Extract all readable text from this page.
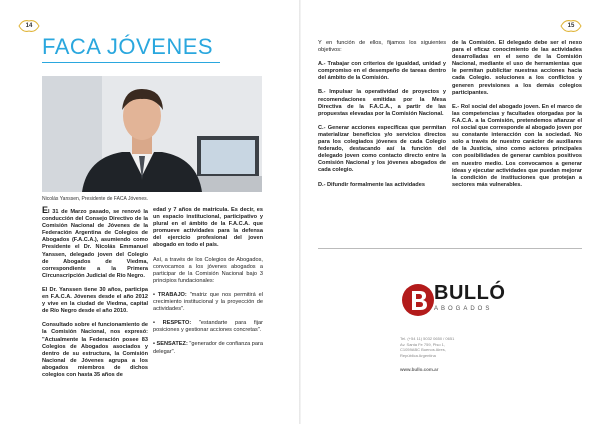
14	15
FACA JÓVENES
Nicolás Yanssen, Presidente de FACA Jóvenes.

El 31 de Marzo pasado, se renovó la conducción del Consejo Directivo de la Comisión Nacional de Jóvenes de la Federación Argentina de Colegios de Abogados (F.A.C.A.), asumiendo como Presidente el Dr. Nicolás Emmanuel Yanssen, delegado joven del Colegio de Abogados de Viedma, correspondiente a la Primera Circunscripción Judicial de Río Negro.

El Dr. Yanssen tiene 30 años, participa en F.A.C.A. Jóvenes desde el año 2012 y vive en la ciudad de Viedma, capital de Río Negro desde el año 2010.

Consultado sobre el funcionamiento de la Comisión Nacional, nos expresó: "Actualmente la Federación posee 83 Colegios de Abogados asociados y dentro de su estructura, la Comisión Nacional de Jóvenes agrupa a los abogados miembros de dichos colegios con hasta 35 años de

edad y 7 años de matrícula. Es decir, es un espacio institucional, participativo y plural en el ámbito de la F.A.C.A. que promueve actividades para la defensa del ejercicio profesional del joven abogado en todo el país.

Así, a través de los Colegios de Abogados, convocamos a los jóvenes abogados a participar de la Comisión Nacional bajo 3 principios fundacionales:

• TRABAJO: "matriz que nos permitirá el crecimiento institucional y la proyección de actividades".

• RESPETO: "estandarte para fijar posiciones y gestionar acciones concretas".

• SENSATEZ: "generador de confianza para delegar".

Y en función de ellos, fijamos los siguientes objetivos:

A.- Trabajar con criterios de igualdad, unidad y compromiso en el desempeño de tareas dentro del ámbito de la Comisión.

B.- Impulsar la operatividad de proyectos y recomendaciones emitidas por la Mesa Directiva de la F.A.C.A., a partir de las propuestas elevadas por la Comisión Nacional.

C.- Generar acciones específicas que permitan materializar beneficios y/o servicios directos para los colegiados jóvenes de cada Colegio federado, destacando así la función del delegado joven como contacto directo entre la Comisión Nacional y los jóvenes abogados de cada colegio.

D.- Difundir formalmente las actividades

de la Comisión. El delegado debe ser el nexo para el eficaz conocimiento de las actividades desarrolladas en el seno de la Comisión Nacional, mediante el uso de herramientas que le permitan publicitar nuestras acciones hacia cada Colegio. soluciones a los conflictos y generen previsiones a los demás colegios participantes.

E.- Rol social del abogado joven. En el marco de las competencias y facultades otorgadas por la F.A.C.A. a la Comisión, pretendemos afianzar el rol social que corresponde al abogado joven por su constante interacción con la sociedad. No solo a través de nuestro carácter de auxiliares de la Justicia, sino como actores principales con posibilidades de generar cambios positivos en nuestro medio. Los convocamos a generar ideas y ejecutar actividades que puedan mejorar la condición de instituciones que protejan a sectores más vulnerables.

BULLÓ
ABOGADOS
Tel. (+54 11) 5032 0650 / 0651
Av. Santa Fe 759, Piso 1,
C1059ABC Buenos Aires,
República Argentina
www.bullo.com.ar
